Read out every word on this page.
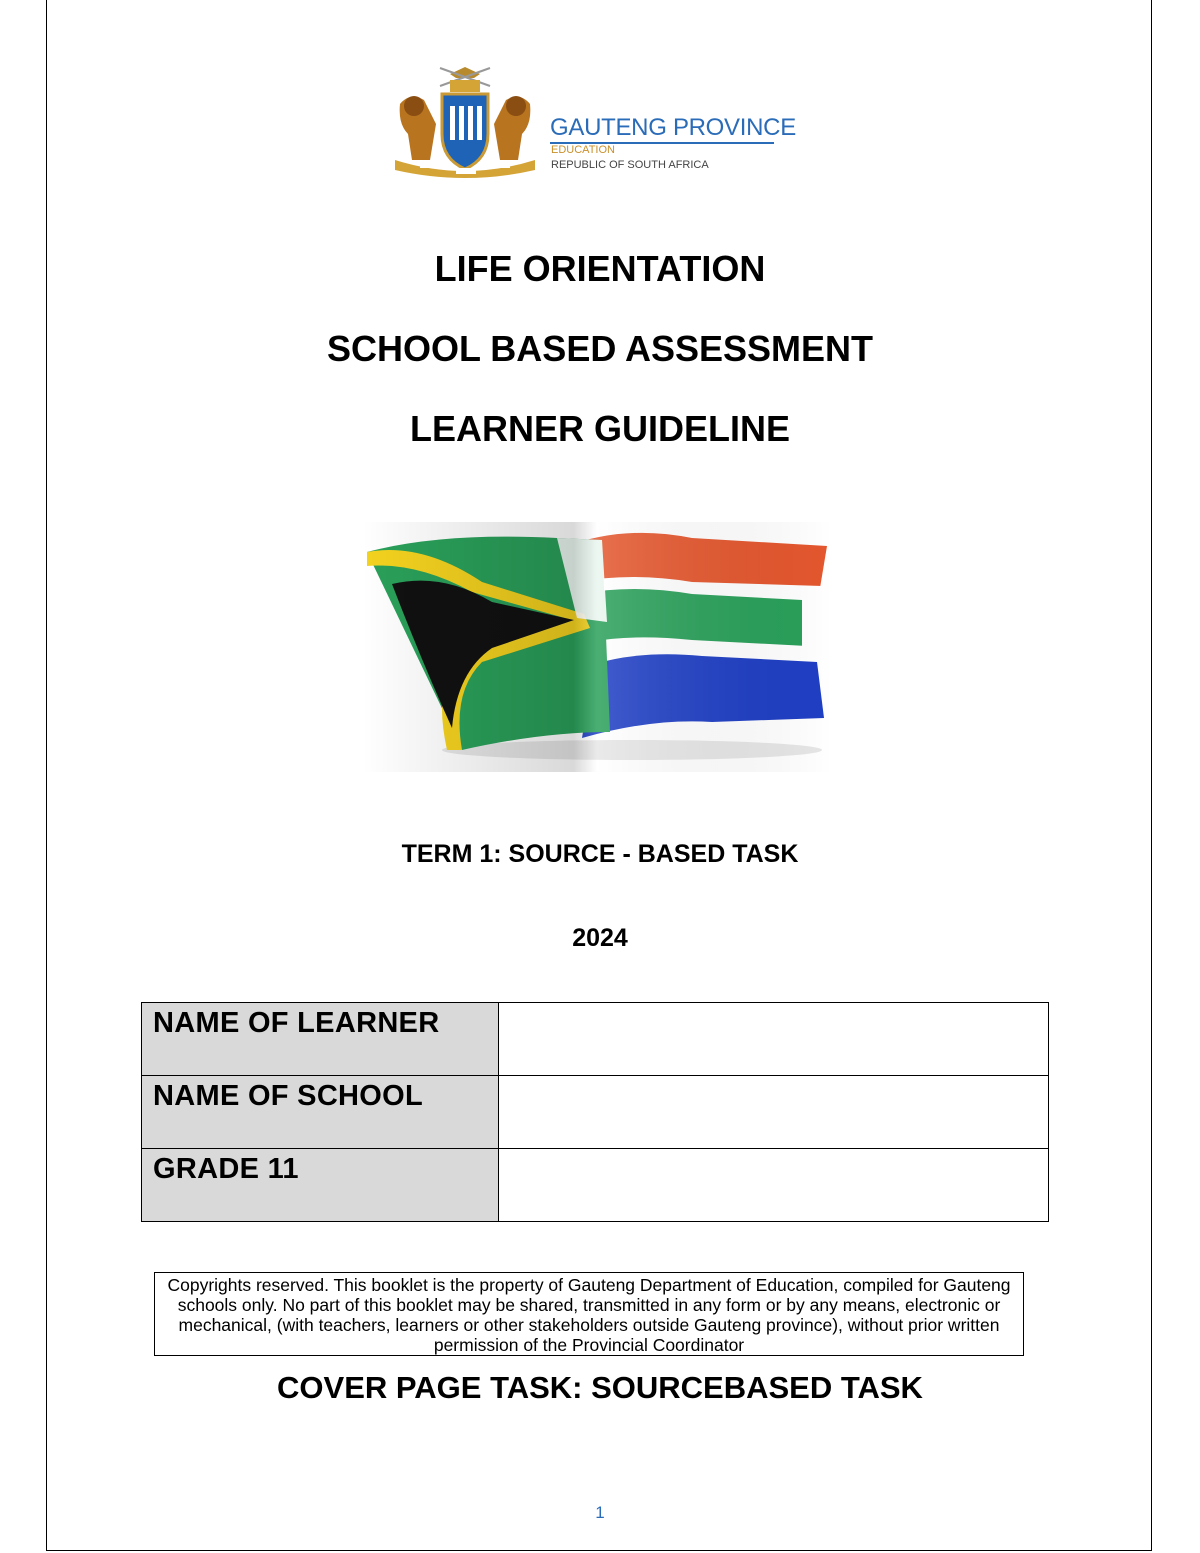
GAUTENG PROVINCE
EDUCATION
REPUBLIC OF SOUTH AFRICA
LIFE ORIENTATION
SCHOOL BASED ASSESSMENT
LEARNER GUIDELINE
TERM 1: SOURCE - BASED TASK
2024
NAME OF LEARNER	
NAME OF SCHOOL	
GRADE 11	
Copyrights reserved. This booklet is the property of Gauteng Department of Education, compiled for Gauteng schools only. No part of this booklet may be shared, transmitted in any form or by any means, electronic or mechanical, (with teachers, learners or other stakeholders outside Gauteng province), without prior written permission of the Provincial Coordinator
COVER PAGE TASK: SOURCEBASED TASK
1
